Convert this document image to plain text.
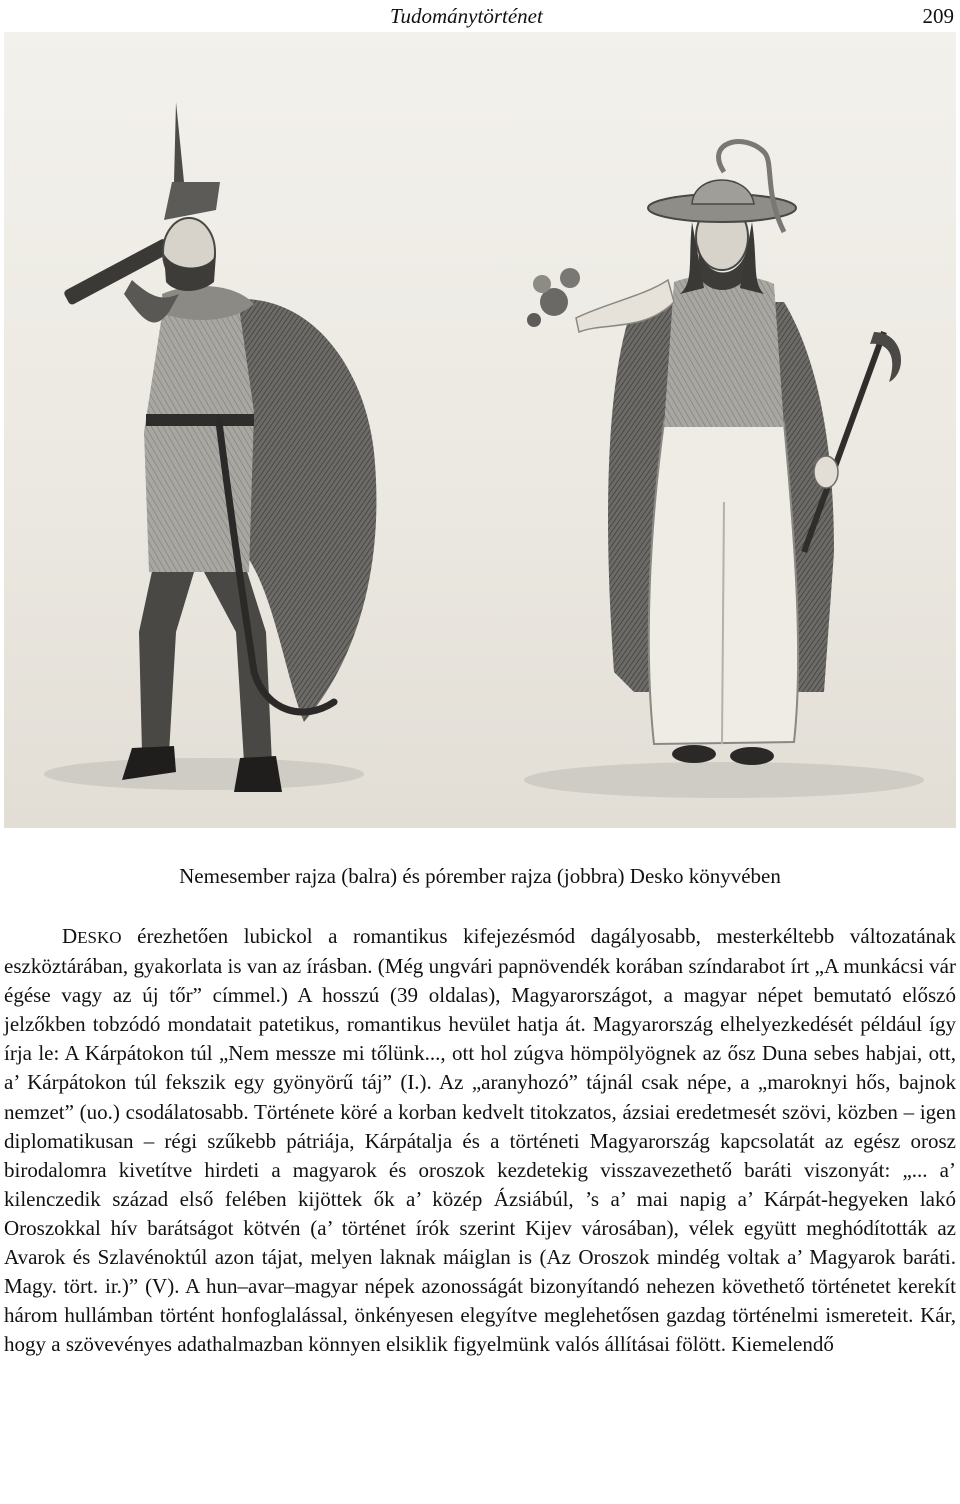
Tudománytörténet	209
Nemesember rajza (balra) és pórember rajza (jobbra) Desko könyvében

DESKO érezhetően lubickol a romantikus kifejezésmód dagályosabb, mesterkéltebb változatának eszköztárában, gyakorlata is van az írásban. (Még ungvári papnövendék korában színdarabot írt „A munkácsi vár égése vagy az új tőr” címmel.) A hosszú (39 oldalas), Magyarországot, a magyar népet bemutató előszó jelzőkben tobzódó mondatait patetikus, romantikus hevület hatja át. Magyarország elhelyezkedését például így írja le: A Kárpátokon túl „Nem messze mi tőlünk..., ott hol zúgva hömpölyögnek az ősz Duna sebes habjai, ott, a’ Kárpátokon túl fekszik egy gyönyörű táj” (I.). Az „aranyhozó” tájnál csak népe, a „maroknyi hős, bajnok nemzet” (uo.) csodálatosabb. Története köré a korban kedvelt titokzatos, ázsiai eredetmesét szövi, közben – igen diplomatikusan – régi szűkebb pátriája, Kárpátalja és a történeti Magyarország kapcsolatát az egész orosz birodalomra kivetítve hirdeti a magyarok és oroszok kezdetekig visszavezethető baráti viszonyát: „... a’ kilenczedik század első felében kijöttek ők a’ közép Ázsiábúl, ’s a’ mai napig a’ Kárpát-hegyeken lakó Oroszokkal hív barátságot kötvén (a’ történet írók szerint Kijev városában), vélek együtt meghódították az Avarok és Szlavénoktúl azon tájat, melyen laknak máiglan is (Az Oroszok mindég voltak a’ Magyarok baráti. Magy. tört. ir.)” (V). A hun–avar–magyar népek azonosságát bizonyítandó nehezen követhető történetet kerekít három hullámban történt honfoglalással, önkényesen elegyítve meglehetősen gazdag történelmi ismereteit. Kár, hogy a szövevényes adathalmazban könnyen elsiklik figyelmünk valós állításai fölött. Kiemelendő
